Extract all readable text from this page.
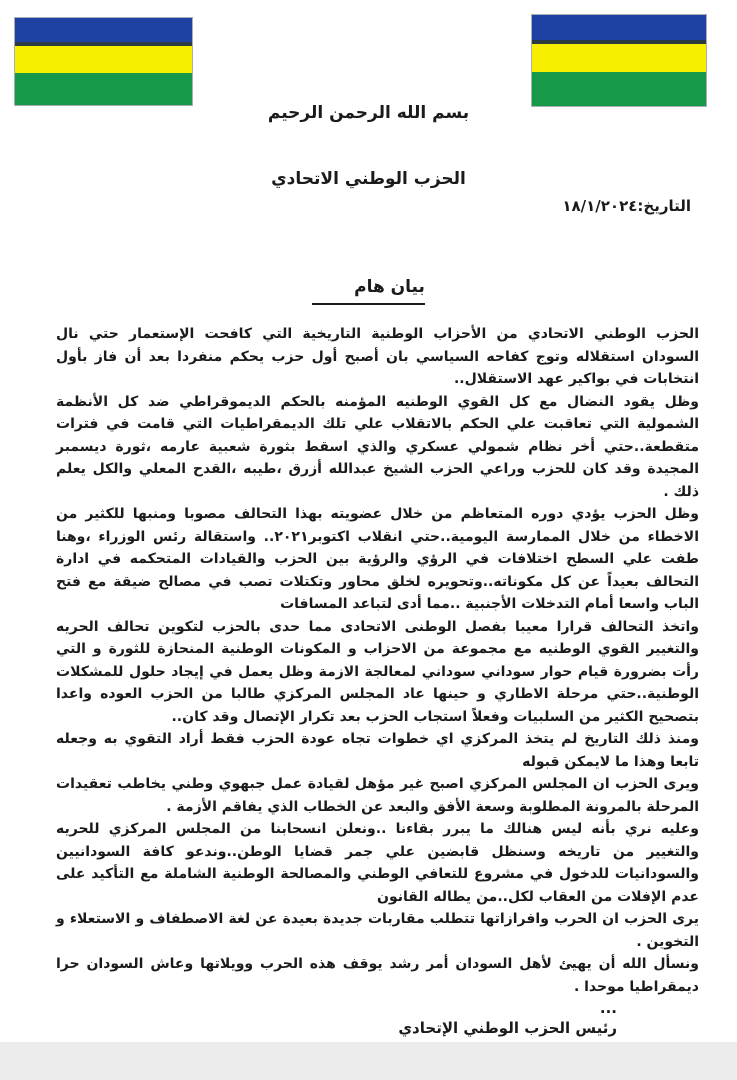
بسم الله الرحمن الرحيم
الحزب الوطني الاتحادي
التاريخ:١٨/١/٢٠٢٤
بيان هام

الحزب الوطني الاتحادي من الأحزاب الوطنية التاريخية التي كافحت الإستعمار حتي نال السودان استقلاله وتوج كفاحه السياسي بان أصبح أول حزب يحكم منفردا بعد أن فاز بأول انتخابات في بواكير عهد الاستقلال..

وظل يقود النضال مع كل القوي الوطنيه المؤمنه بالحكم الديموقراطي ضد كل الأنظمة الشمولية التي تعاقبت علي الحكم بالاتقلاب علي تلك الديمقراطيات التي قامت في فترات متقطعة..حتي أخر نظام شمولي عسكري والذي اسقط بثورة شعبية عارمه ،ثورة ديسمبر المجيدة وقد كان للحزب وراعي الحزب الشيخ عبدالله أزرق ،طيبه ،القدح المعلي والكل يعلم ذلك .

وظل الحزب يؤدي دوره المتعاظم من خلال عضويته بهذا التحالف مصوبا ومنبها للكثير من الاخطاء من خلال الممارسة اليومية..حتي انقلاب اكتوبر٢٠٢١.. واستقالة رئس الوزراء ،وهنا طفت علي السطح اختلافات في الرؤي والرؤية بين الحزب والقيادات المتحكمه في ادارة التحالف بعيداً عن كل مكوناته..وتحويره لخلق محاور وتكتلات تصب في مصالح ضيقة مع فتح الباب واسعا أمام التدخلات الأجنبية ..مما أدى لتباعد المسافات

واتخذ التحالف قرارا معيبا بفصل الوطنى الاتحادى مما حدى بالحزب لتكوين تحالف الحريه والتغيير القوي الوطنيه مع مجموعة من الاحزاب و المكونات الوطنية المنحازة للثورة و التي رأت بضرورة قيام حوار سوداني سوداني لمعالجة الازمة وظل يعمل في إيجاد حلول للمشكلات الوطنية..حتي مرحلة الاطاري و حينها عاد المجلس المركزي طالبا من الحزب العوده واعدا بتصحيح الكثير من السلبيات وفعلاً استجاب الحزب بعد تكرار الإتصال وقد كان..

ومنذ ذلك التاريخ لم يتخذ المركزي اي خطوات تجاه عودة الحزب فقط أراد التقوي به وجعله تابعا وهذا ما لايمكن قبوله

ويرى الحزب ان المجلس المركزي اصبح غير مؤهل لقيادة عمل جبهوي وطني يخاطب تعقيدات المرحلة بالمرونة المطلوبة وسعة الأفق والبعد عن الخطاب الذي يفاقم الأزمة .

وعليه نري بأنه ليس هنالك ما يبرر بقاءنا ..ونعلن انسحابنا من المجلس المركزي للحريه والتغيير من تاريخه وسنظل قابضين علي جمر قضايا الوطن..وندعو كافة السودانيين والسودانيات للدخول في مشروع للتعافي الوطني والمصالحة الوطنية الشاملة مع التأكيد على عدم الإفلات من العقاب لكل..من يطاله القانون

يرى الحزب ان الحرب وافرازاتها تتطلب مقاربات جديدة بعيدة عن لغة الاصطفاف و الاستعلاء و التخوين .

ونسأل الله أن يهيئ لأهل السودان أمر رشد يوقف هذه الحرب وويلاتها وعاش السودان حرا ديمقراطيا موحدا .

...
رئيس الحزب الوطني الإتحادي
